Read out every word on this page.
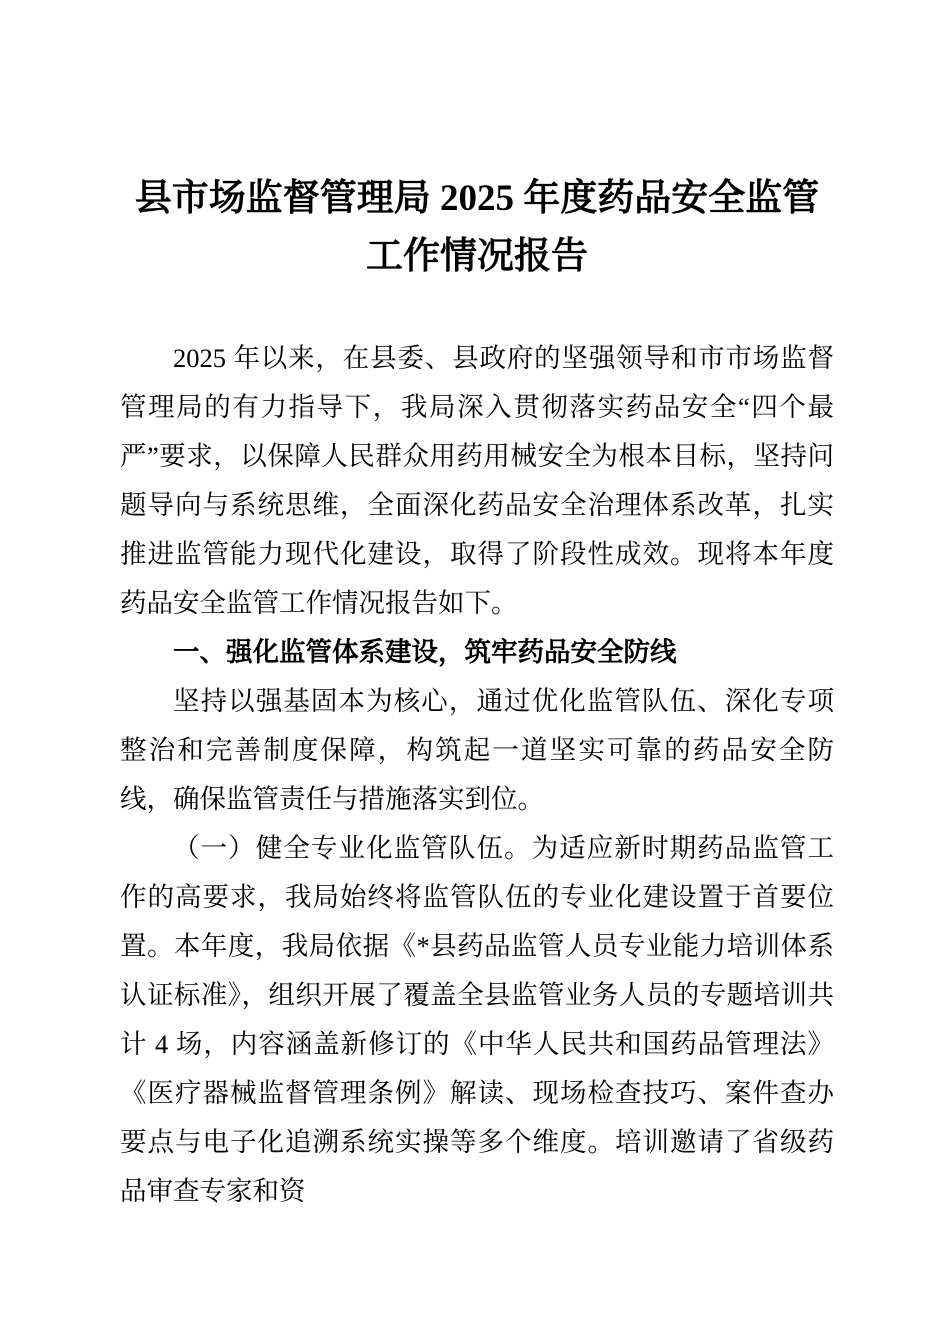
县市场监督管理局 2025 年度药品安全监管工作情况报告

2025 年以来，在县委、县政府的坚强领导和市市场监督管理局的有力指导下，我局深入贯彻落实药品安全“四个最严”要求，以保障人民群众用药用械安全为根本目标，坚持问题导向与系统思维，全面深化药品安全治理体系改革，扎实推进监管能力现代化建设，取得了阶段性成效。现将本年度药品安全监管工作情况报告如下。

一、强化监管体系建设，筑牢药品安全防线

坚持以强基固本为核心，通过优化监管队伍、深化专项整治和完善制度保障，构筑起一道坚实可靠的药品安全防线，确保监管责任与措施落实到位。

（一）健全专业化监管队伍。为适应新时期药品监管工作的高要求，我局始终将监管队伍的专业化建设置于首要位置。本年度，我局依据《*县药品监管人员专业能力培训体系认证标准》，组织开展了覆盖全县监管业务人员的专题培训共计 4 场，内容涵盖新修订的《中华人民共和国药品管理法》《医疗器械监督管理条例》解读、现场检查技巧、案件查办要点与电子化追溯系统实操等多个维度。培训邀请了省级药品审查专家和资
